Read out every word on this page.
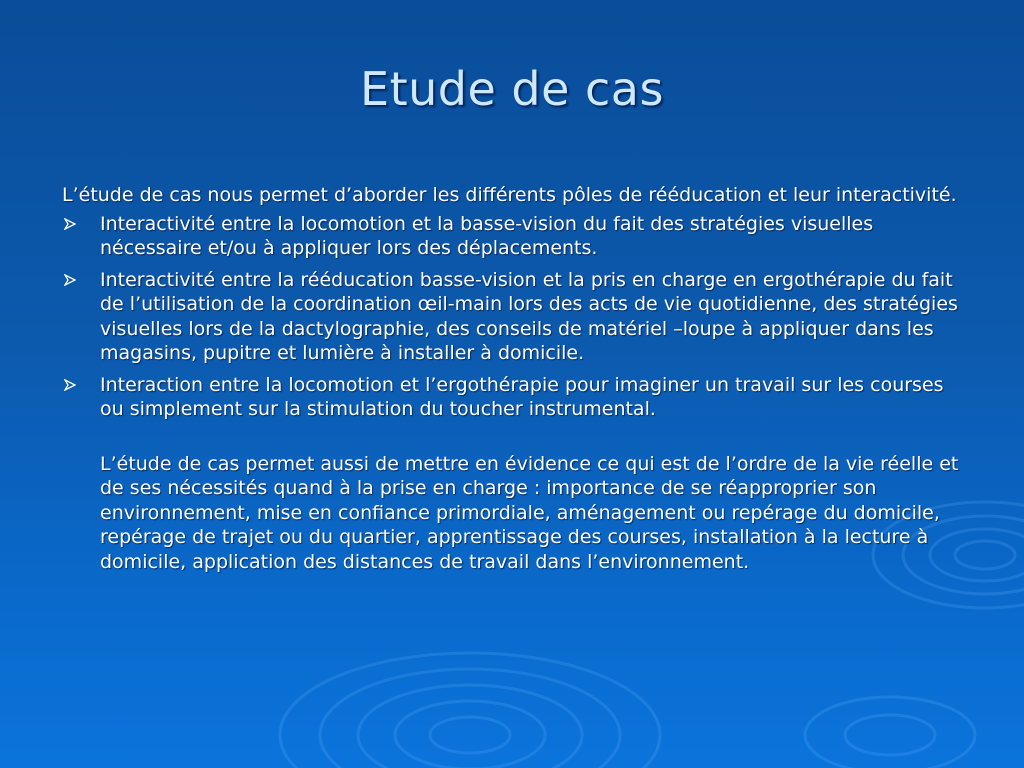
Etude de cas

L’étude de cas nous permet d’aborder les différents pôles de rééducation et leur interactivité.

Interactivité entre la locomotion et la basse-vision du fait des stratégies visuelles nécessaire et/ou à appliquer lors des déplacements.
Interactivité entre la rééducation basse-vision et la pris en charge en ergothérapie du fait de l’utilisation de la coordination œil-main lors des acts de vie quotidienne, des stratégies visuelles lors de la dactylographie, des conseils de matériel –loupe à appliquer dans les magasins, pupitre et lumière à installer à domicile.
Interaction entre la locomotion et l’ergothérapie pour imaginer un travail sur les courses ou simplement sur la stimulation du toucher instrumental.

L’étude de cas permet aussi de mettre en évidence ce qui est de l’ordre de la vie réelle et de ses nécessités quand à la prise en charge : importance de se réapproprier son environnement, mise en confiance primordiale, aménagement ou repérage du domicile, repérage de trajet ou du quartier, apprentissage des courses, installation à la lecture à domicile, application des distances de travail dans l’environnement.
